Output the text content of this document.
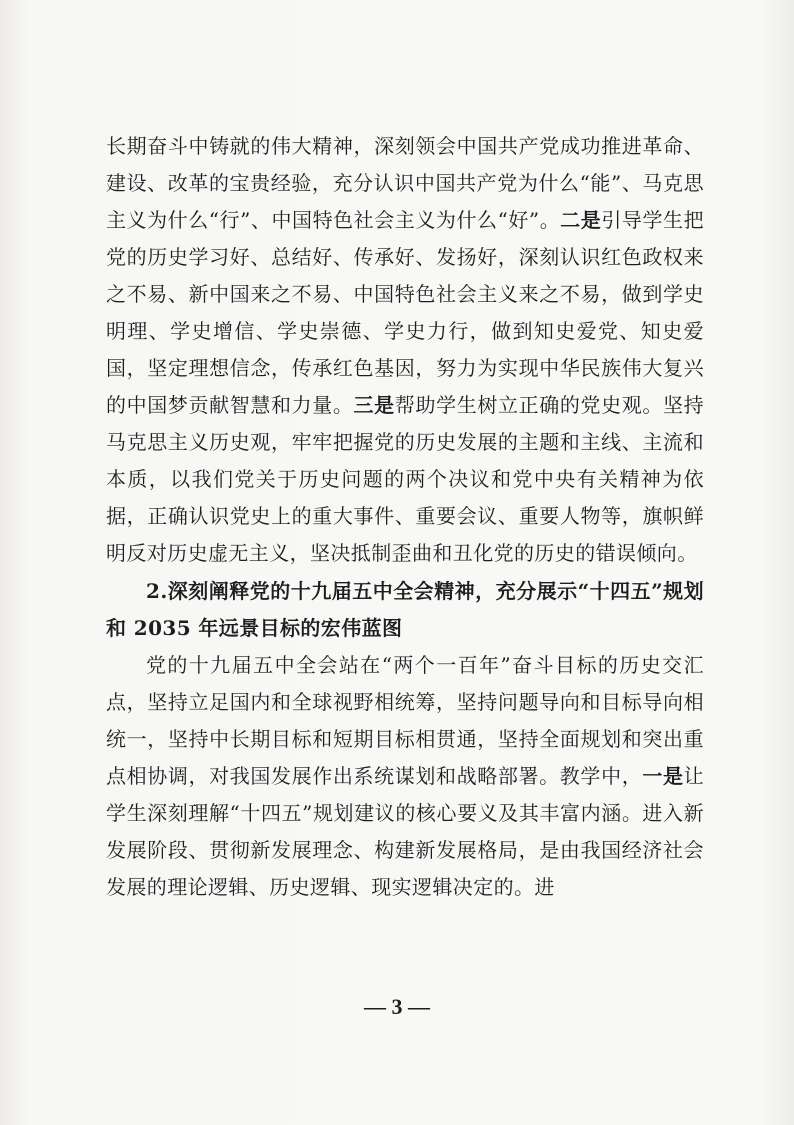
长期奋斗中铸就的伟大精神，深刻领会中国共产党成功推进革命、建设、改革的宝贵经验，充分认识中国共产党为什么“能”、马克思主义为什么“行”、中国特色社会主义为什么“好”。二是引导学生把党的历史学习好、总结好、传承好、发扬好，深刻认识红色政权来之不易、新中国来之不易、中国特色社会主义来之不易，做到学史明理、学史增信、学史崇德、学史力行，做到知史爱党、知史爱国，坚定理想信念，传承红色基因，努力为实现中华民族伟大复兴的中国梦贡献智慧和力量。三是帮助学生树立正确的党史观。坚持马克思主义历史观，牢牢把握党的历史发展的主题和主线、主流和本质，以我们党关于历史问题的两个决议和党中央有关精神为依据，正确认识党史上的重大事件、重要会议、重要人物等，旗帜鲜明反对历史虚无主义，坚决抵制歪曲和丑化党的历史的错误倾向。

2.深刻阐释党的十九届五中全会精神，充分展示“十四五”规划和 2035 年远景目标的宏伟蓝图

党的十九届五中全会站在“两个一百年”奋斗目标的历史交汇点，坚持立足国内和全球视野相统筹，坚持问题导向和目标导向相统一，坚持中长期目标和短期目标相贯通，坚持全面规划和突出重点相协调，对我国发展作出系统谋划和战略部署。教学中，一是让学生深刻理解“十四五”规划建议的核心要义及其丰富内涵。进入新发展阶段、贯彻新发展理念、构建新发展格局，是由我国经济社会发展的理论逻辑、历史逻辑、现实逻辑决定的。进

— 3 —
